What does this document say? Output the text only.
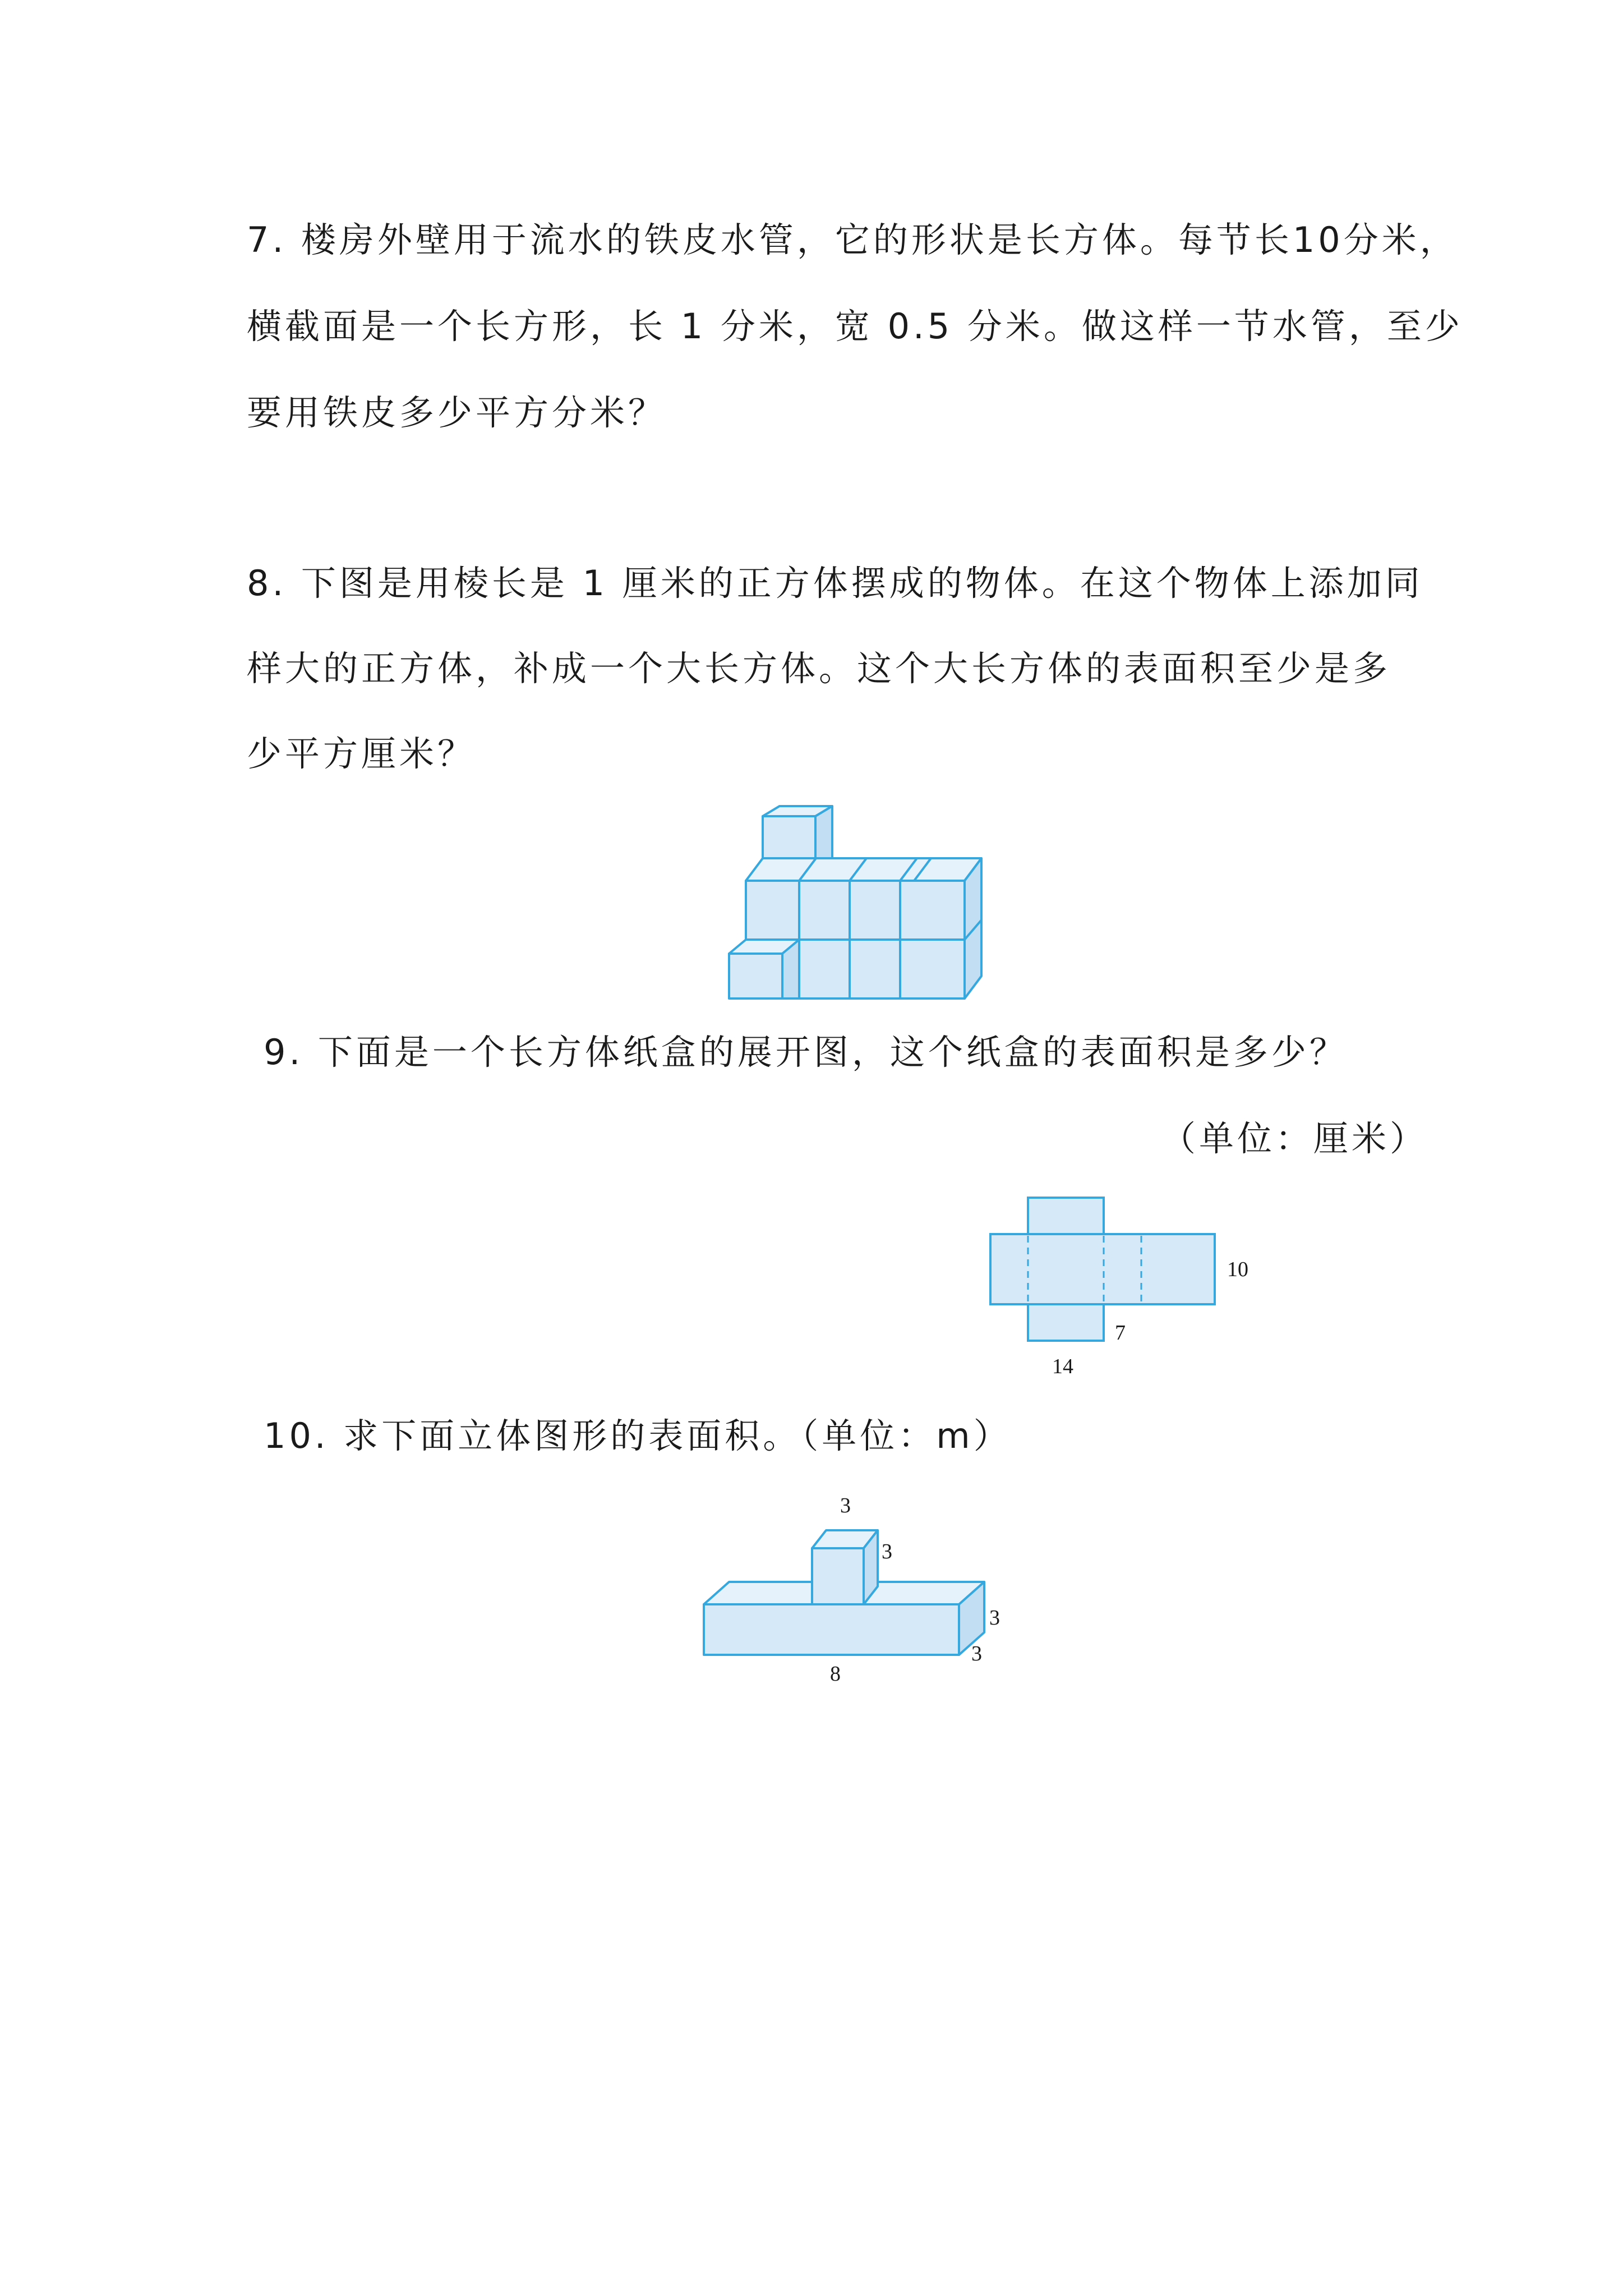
7. 楼房外壁用于流水的铁皮水管，它的形状是长方体。每节长10分米，
横截面是一个长方形，长 1 分米，宽 0.5 分米。做这样一节水管，至少
要用铁皮多少平方分米？
8. 下图是用棱长是 1 厘米的正方体摆成的物体。在这个物体上添加同
样大的正方体，补成一个大长方体。这个大长方体的表面积至少是多
少平方厘米？
9. 下面是一个长方体纸盒的展开图，这个纸盒的表面积是多少？
（单位：厘米）
10
7
14
10. 求下面立体图形的表面积。（单位：m）
3
3
3
3
8
